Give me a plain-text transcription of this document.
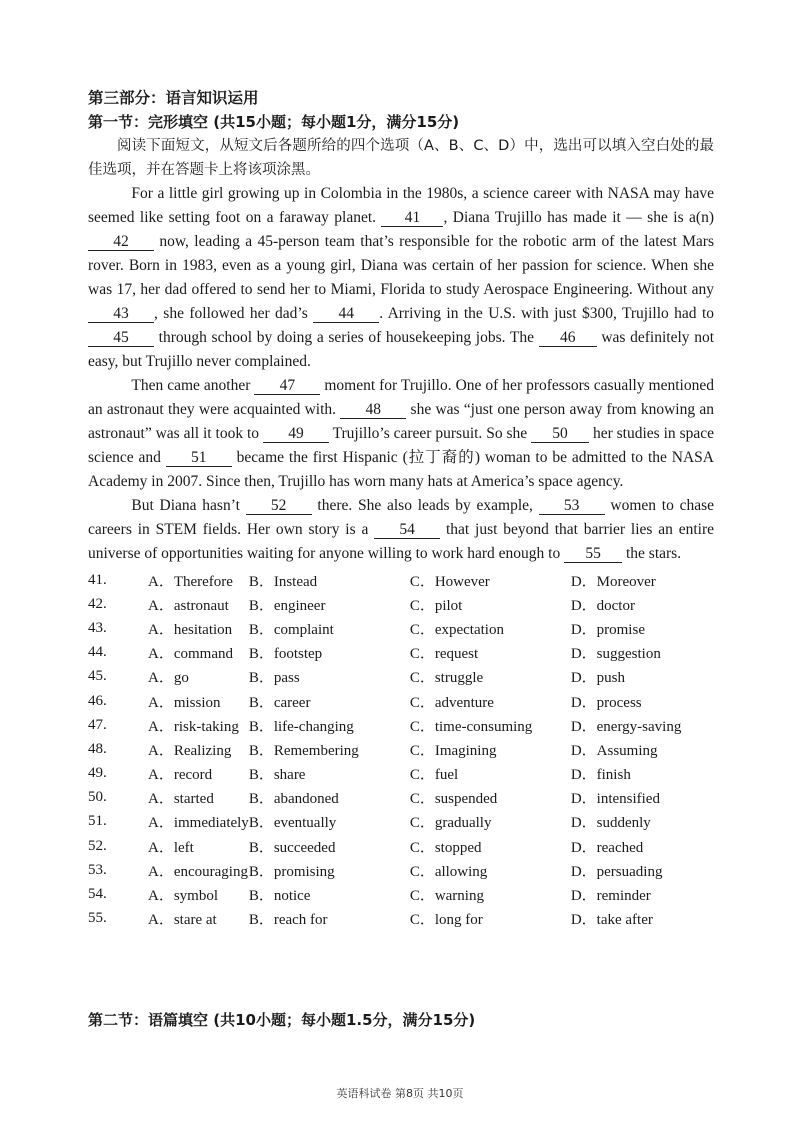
第三部分：语言知识运用
第一节：完形填空 (共15小题；每小题1分，满分15分)
阅读下面短文，从短文后各题所给的四个选项（A、B、C、D）中，选出可以填入空白处的最佳选项，并在答题卡上将该项涂黑。

For a little girl growing up in Colombia in the 1980s, a science career with NASA may have seemed like setting foot on a faraway planet. 41 , Diana Trujillo has made it — she is a(n) 42 now, leading a 45-person team that’s responsible for the robotic arm of the latest Mars rover. Born in 1983, even as a young girl, Diana was certain of her passion for science. When she was 17, her dad offered to send her to Miami, Florida to study Aerospace Engineering. Without any 43 , she followed her dad’s 44 . Arriving in the U.S. with just $300, Trujillo had to 45 through school by doing a series of housekeeping jobs. The 46 was definitely not easy, but Trujillo never complained.

Then came another 47 moment for Trujillo. One of her professors casually mentioned an astronaut they were acquainted with. 48 she was “just one person away from knowing an astronaut” was all it took to 49 Trujillo’s career pursuit. So she 50 her studies in space science and 51 became the first Hispanic (拉丁裔的) woman to be admitted to the NASA Academy in 2007. Since then, Trujillo has worn many hats at America’s space agency.

But Diana hasn’t 52 there. She also leads by example, 53 women to chase careers in STEM fields. Her own story is a 54 that just beyond that barrier lies an entire universe of opportunities waiting for anyone willing to work hard enough to 55 the stars.

41.	A．Therefore	B．Instead	C．However	D．Moreover
42.	A．astronaut	B．engineer	C．pilot	D．doctor
43.	A．hesitation	B．complaint	C．expectation	D．promise
44.	A．command	B．footstep	C．request	D．suggestion
45.	A．go	B．pass	C．struggle	D．push
46.	A．mission	B．career	C．adventure	D．process
47.	A．risk-taking	B．life-changing	C．time-consuming	D．energy-saving
48.	A．Realizing	B．Remembering	C．Imagining	D．Assuming
49.	A．record	B．share	C．fuel	D．finish
50.	A．started	B．abandoned	C．suspended	D．intensified
51.	A．immediately	B．eventually	C．gradually	D．suddenly
52.	A．left	B．succeeded	C．stopped	D．reached
53.	A．encouraging	B．promising	C．allowing	D．persuading
54.	A．symbol	B．notice	C．warning	D．reminder
55.	A．stare at	B．reach for	C．long for	D．take after
第二节：语篇填空 (共10小题；每小题1.5分，满分15分)
英语科试卷 第8页 共10页
